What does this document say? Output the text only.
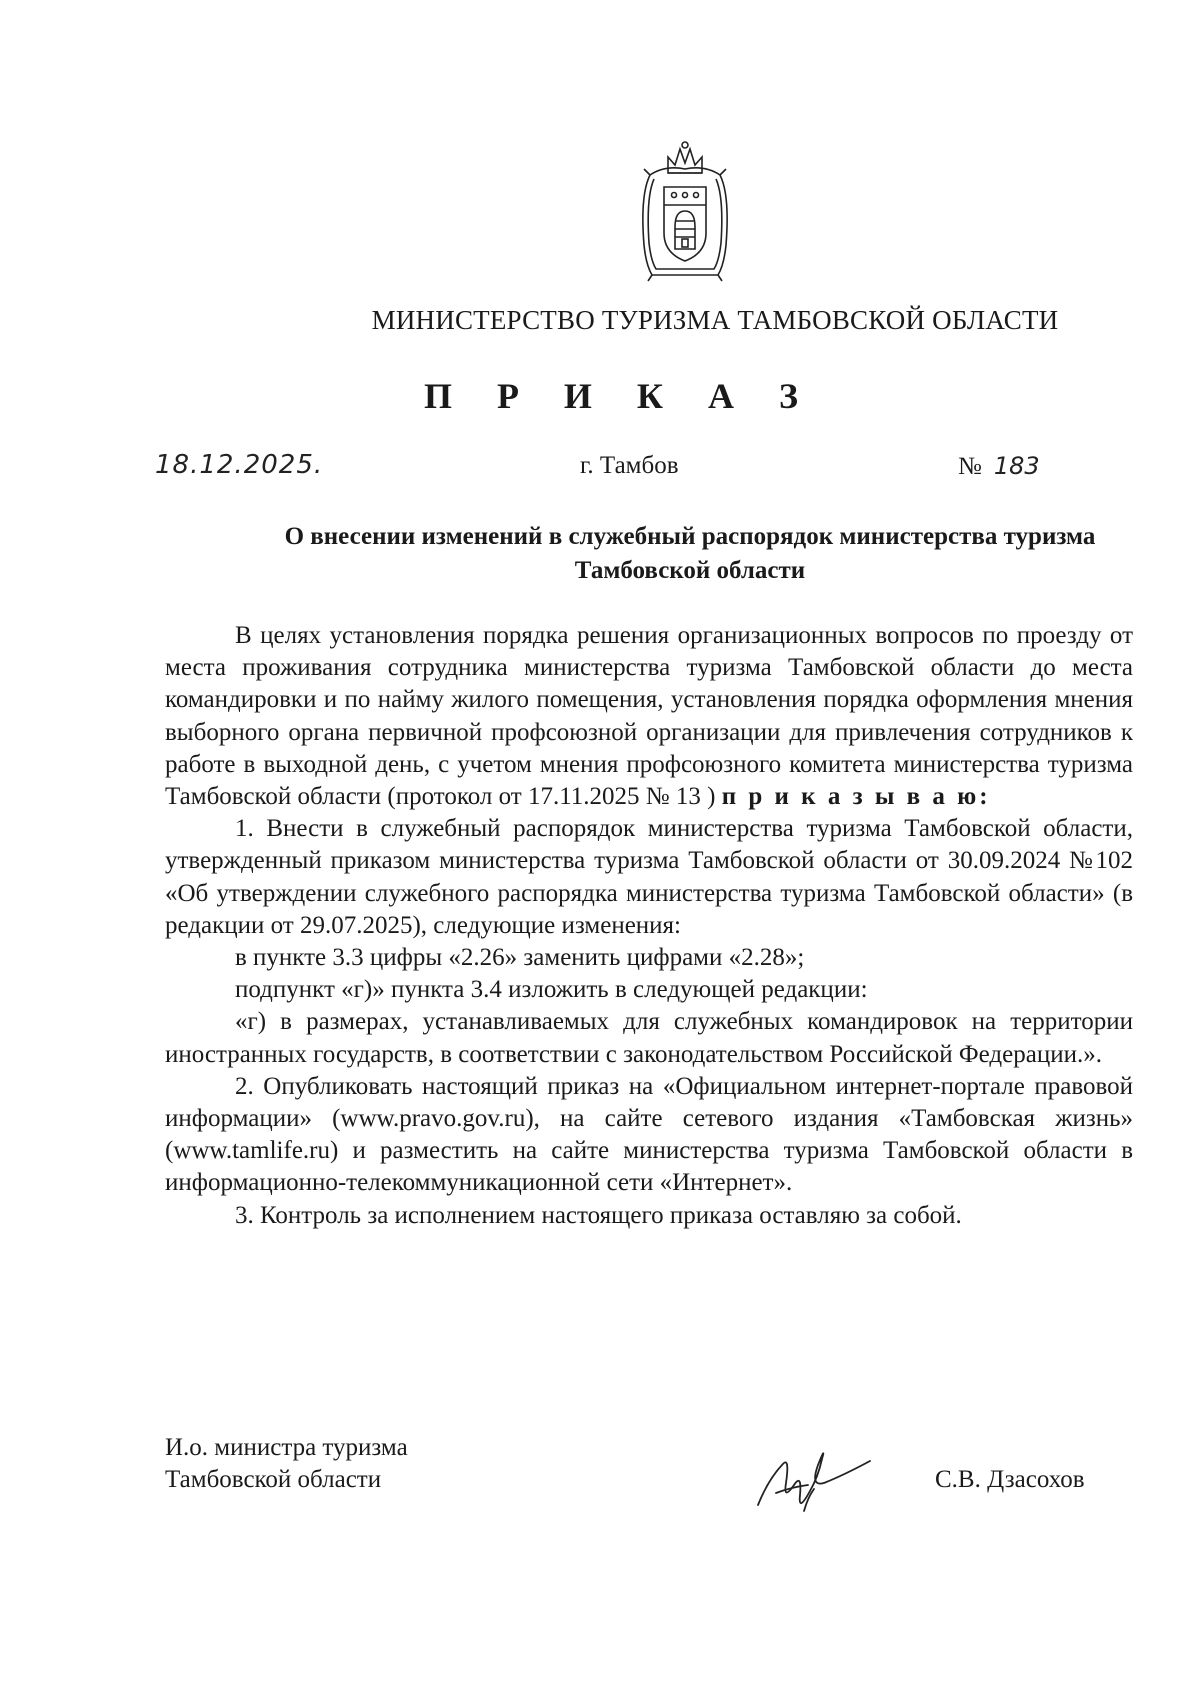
МИНИСТЕРСТВО ТУРИЗМА ТАМБОВСКОЙ ОБЛАСТИ
П Р И К А З
18.12.2025.	г. Тамбов	№ 183
О внесении изменений в служебный распорядок министерства туризма Тамбовской области

В целях установления порядка решения организационных вопросов по проезду от места проживания сотрудника министерства туризма Тамбовской области до места командировки и по найму жилого помещения, установления порядка оформления мнения выборного органа первичной профсоюзной организации для привлечения сотрудников к работе в выходной день, с учетом мнения профсоюзного комитета министерства туризма Тамбовской области (протокол от 17.11.2025 № 13 ) п р и к а з ы в а ю:

1. Внести в служебный распорядок министерства туризма Тамбовской области, утвержденный приказом министерства туризма Тамбовской области от 30.09.2024 №102 «Об утверждении служебного распорядка министерства туризма Тамбовской области» (в редакции от 29.07.2025), следующие изменения:

в пункте 3.3 цифры «2.26» заменить цифрами «2.28»;

подпункт «г)» пункта 3.4 изложить в следующей редакции:

«г) в размерах, устанавливаемых для служебных командировок на территории иностранных государств, в соответствии с законодательством Российской Федерации.».

2. Опубликовать настоящий приказ на «Официальном интернет-портале правовой информации» (www.pravo.gov.ru), на сайте сетевого издания «Тамбовская жизнь» (www.tamlife.ru) и разместить на сайте министерства туризма Тамбовской области в информационно-телекоммуникационной сети «Интернет».

3. Контроль за исполнением настоящего приказа оставляю за собой.

И.о. министра туризма
Тамбовской области	С.В. Дзасохов
